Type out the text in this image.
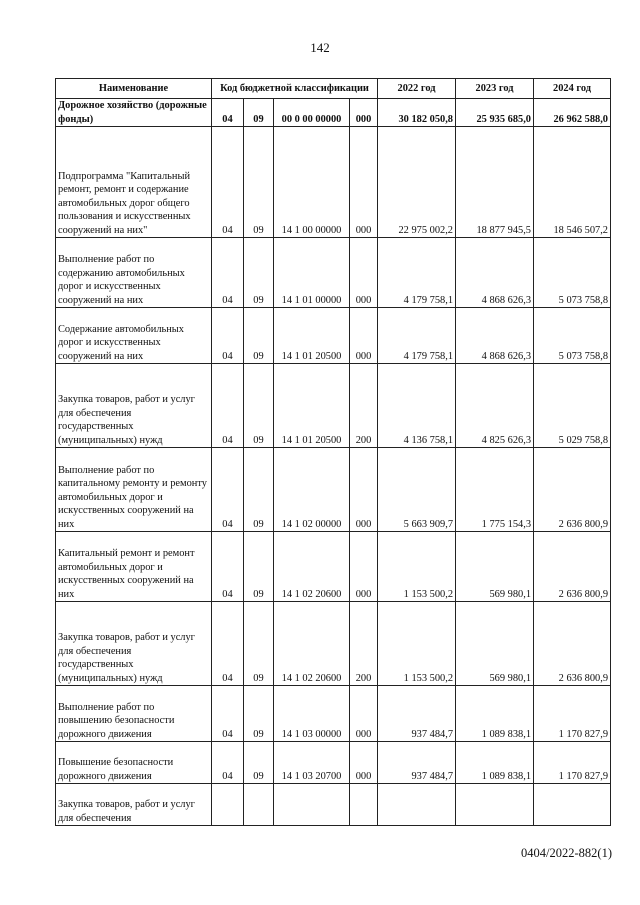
142
Наименование	Код бюджетной классификации				2022 год	2023 год	2024 год
Дорожное хозяйство (дорожные фонды)	04	09	00 0 00 00000	000	30 182 050,8	25 935 685,0	26 962 588,0
Подпрограмма "Капитальный ремонт, ремонт и содержание автомобильных дорог общего пользования и искусственных сооружений на них"	04	09	14 1 00 00000	000	22 975 002,2	18 877 945,5	18 546 507,2
Выполнение работ по содержанию автомобильных дорог и искусственных сооружений на них	04	09	14 1 01 00000	000	4 179 758,1	4 868 626,3	5 073 758,8
Содержание автомобильных дорог и искусственных сооружений на них	04	09	14 1 01 20500	000	4 179 758,1	4 868 626,3	5 073 758,8
Закупка товаров, работ и услуг для обеспечения государственных (муниципальных) нужд	04	09	14 1 01 20500	200	4 136 758,1	4 825 626,3	5 029 758,8
Выполнение работ по капитальному ремонту и ремонту автомобильных дорог и искусственных сооружений на них	04	09	14 1 02 00000	000	5 663 909,7	1 775 154,3	2 636 800,9
Капитальный ремонт и ремонт автомобильных дорог и искусственных сооружений на них	04	09	14 1 02 20600	000	1 153 500,2	569 980,1	2 636 800,9
Закупка товаров, работ и услуг для обеспечения государственных (муниципальных) нужд	04	09	14 1 02 20600	200	1 153 500,2	569 980,1	2 636 800,9
Выполнение работ по повышению безопасности дорожного движения	04	09	14 1 03 00000	000	937 484,7	1 089 838,1	1 170 827,9
Повышение безопасности дорожного движения	04	09	14 1 03 20700	000	937 484,7	1 089 838,1	1 170 827,9
Закупка товаров, работ и услуг для обеспечения							
0404/2022-882(1)
